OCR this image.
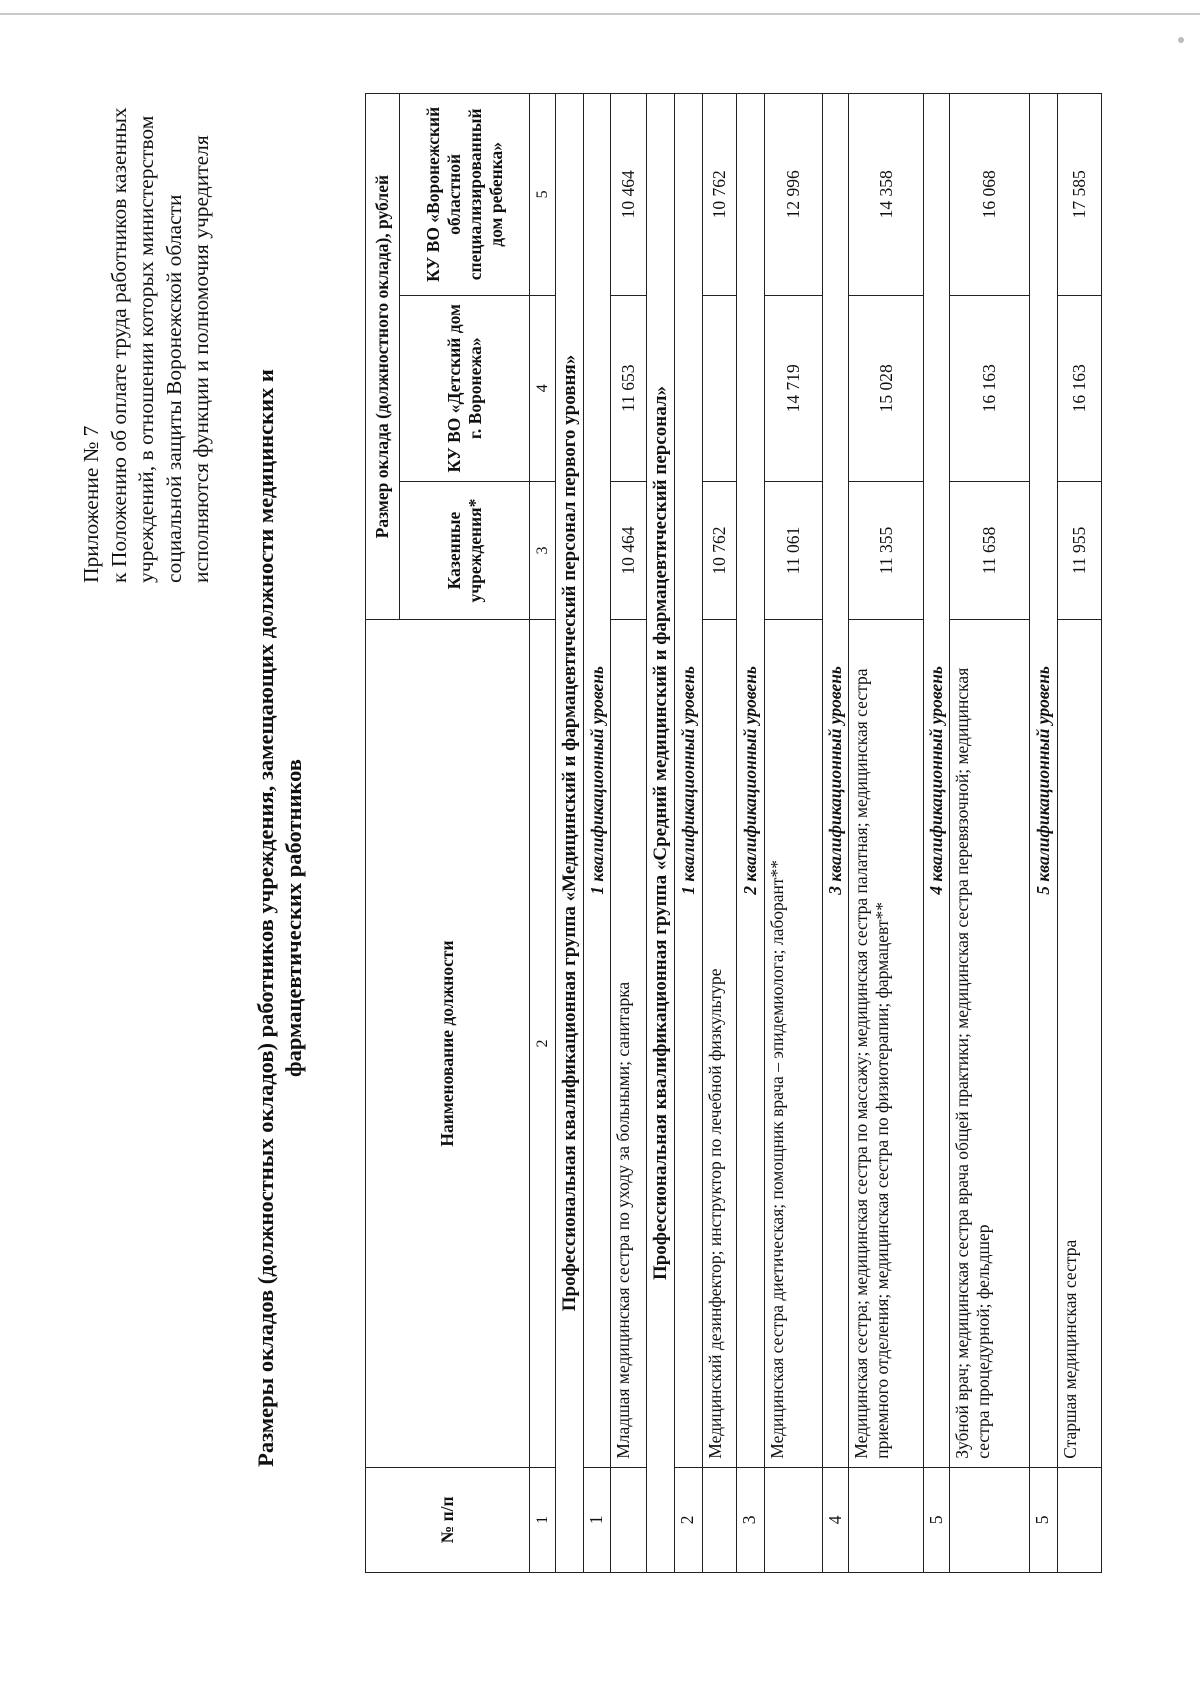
Приложение № 7 к Положению об оплате труда работников казенных учреждений, в отношении которых министерством социальной защиты Воронежской области исполняются функции и полномочия учредителя
Размеры окладов (должностных окладов) работников учреждения, замещающих должности медицинских и фармацевтических работников
№ п/п	Наименование должности	Размер оклада (должностного оклада), рублей		
		Казенные учреждения*	КУ ВО «Детский дом г. Воронежа»	КУ ВО «Воронежский областной специализированный дом ребенка»
1	2	3	4	5
Профессиональная квалификационная группа «Медицинский и фармацевтический персонал первого уровня»				
1	1 квалификационный уровень			
	Младшая медицинская сестра по уходу за больными; санитарка	10 464	11 653	10 464
Профессиональная квалификационная группа «Средний медицинский и фармацевтический персонал»				
2	1 квалификационный уровень			
	Медицинский дезинфектор; инструктор по лечебной физкультуре	10 762		10 762
3	2 квалификационный уровень			
	Медицинская сестра диетическая; помощник врача – эпидемиолога; лаборант**	11 061	14 719	12 996
4	3 квалификационный уровень			
	Медицинская сестра; медицинская сестра по массажу; медицинская сестра палатная; медицинская сестра приемного отделения; медицинская сестра по физиотерапии; фармацевт**	11 355	15 028	14 358
5	4 квалификационный уровень			
	Зубной врач; медицинская сестра врача общей практики; медицинская сестра перевязочной; медицинская сестра процедурной; фельдшер	11 658	16 163	16 068
5	5 квалификационный уровень			
	Старшая медицинская сестра	11 955	16 163	17 585
